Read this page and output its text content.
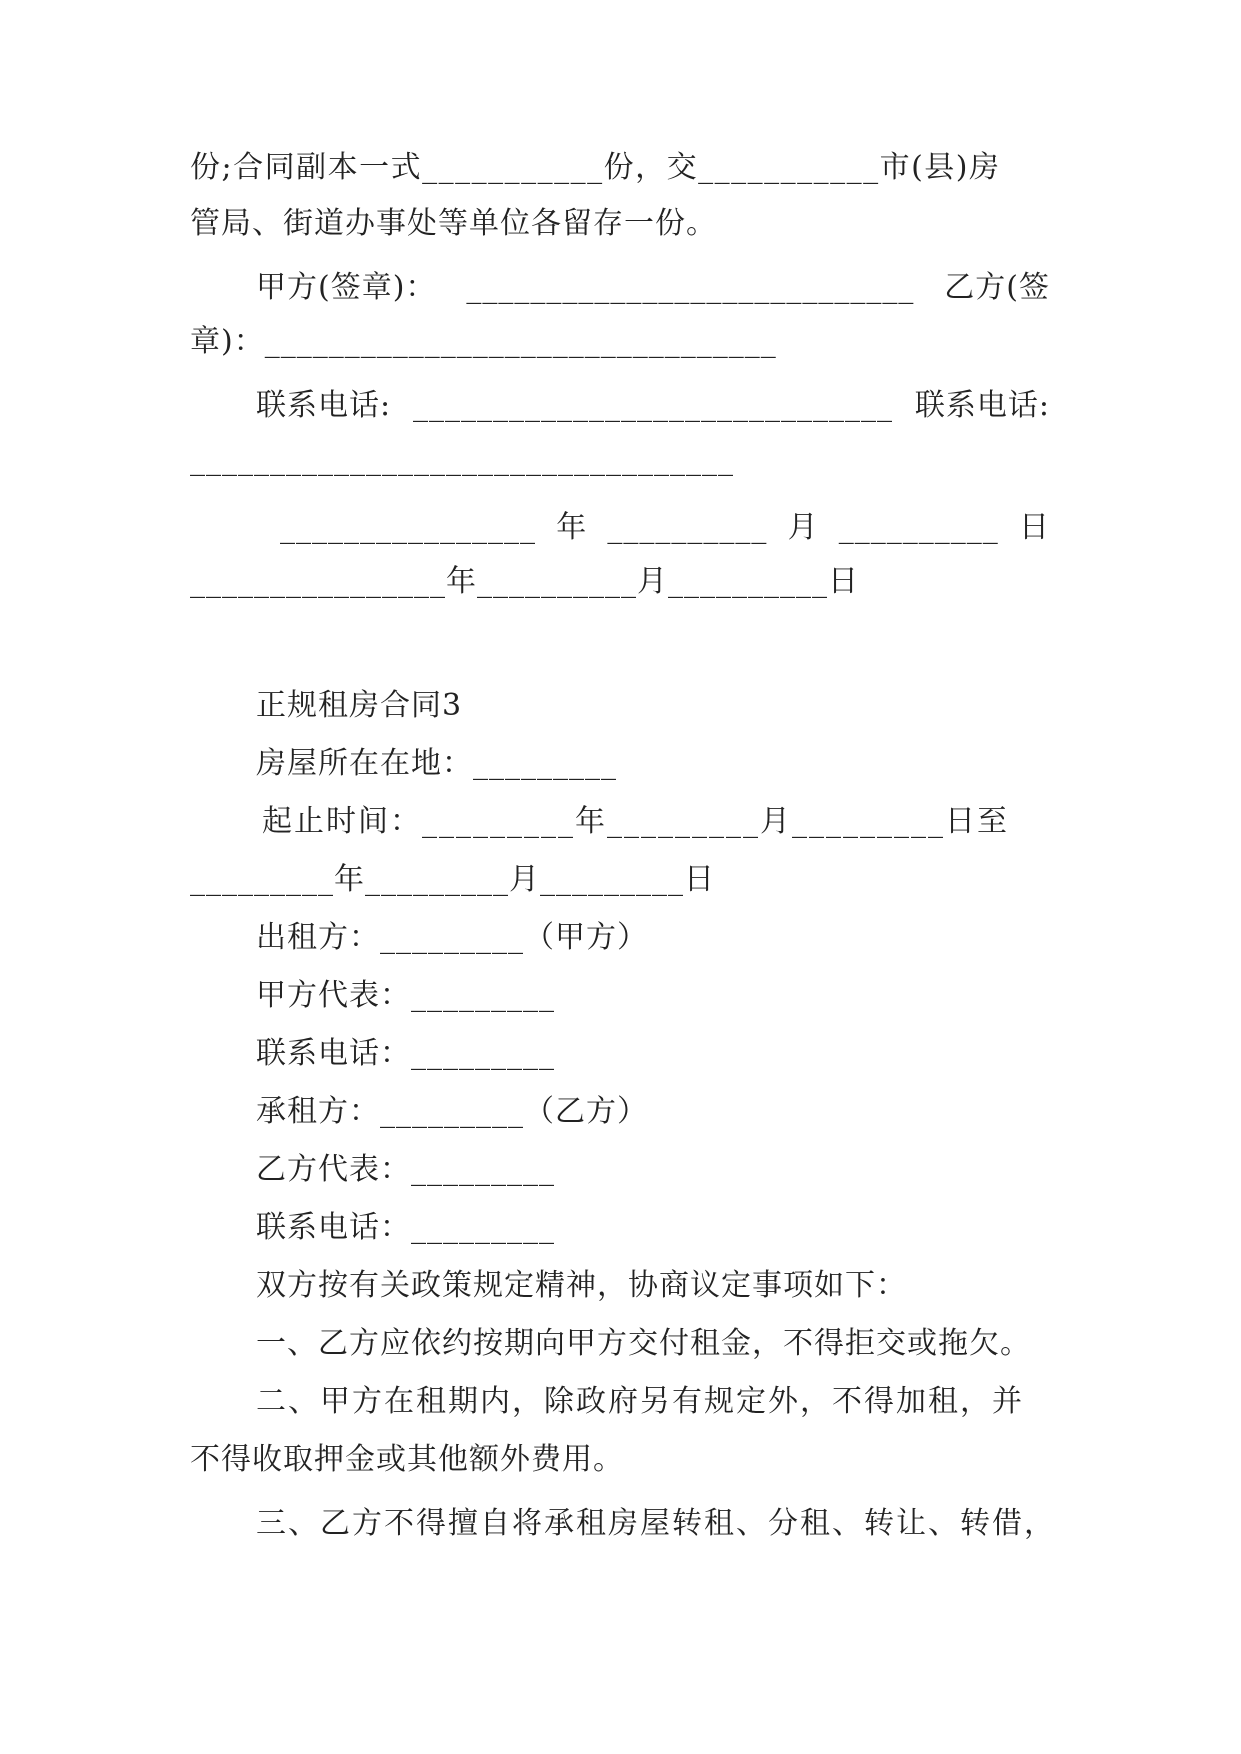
份;合同副本一式___________份，交___________市(县)房
管局、街道办事处等单位各留存一份。
甲方(签章)： ____________________________ 乙方(签
章)：________________________________
联系电话: ______________________________ 联系电话:
__________________________________
________________ 年 __________ 月 __________ 日
________________年__________月__________日
正规租房合同3
房屋所在在地：_________
起止时间：_________年_________月_________日至
_________年_________月_________日
出租方：_________（甲方）
甲方代表：_________
联系电话：_________
承租方：_________（乙方）
乙方代表：_________
联系电话：_________
双方按有关政策规定精神，协商议定事项如下：
一、乙方应依约按期向甲方交付租金，不得拒交或拖欠。
二、甲方在租期内，除政府另有规定外，不得加租，并
不得收取押金或其他额外费用。
三、乙方不得擅自将承租房屋转租、分租、转让、转借，
